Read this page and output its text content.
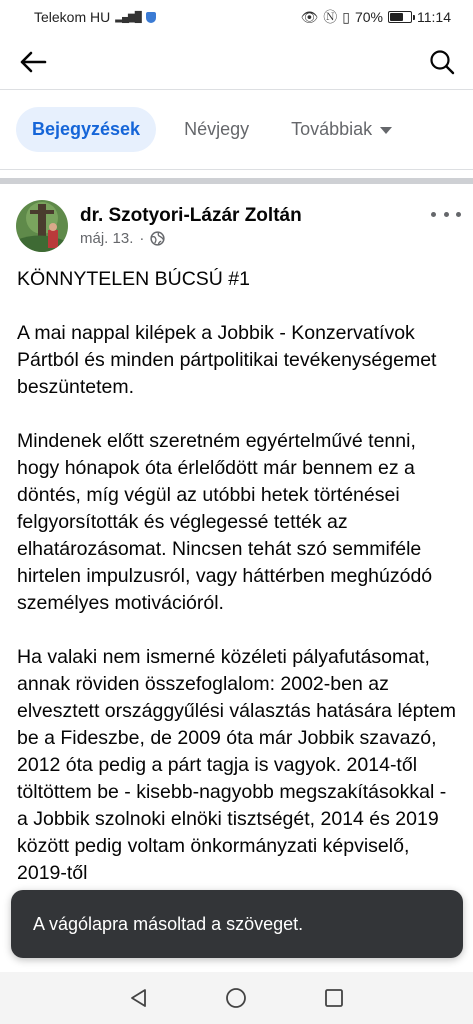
Telekom HU ▂▄▆█	👁 Ⓝ ▯ 70% 11:14
Bejegyzések Névjegy Továbbiak
dr. Szotyori-Lázár Zoltán
máj. 13. ·

KÖNNYTELEN BÚCSÚ #1

A mai nappal kilépek a Jobbik - Konzervatívok Pártból és minden pártpolitikai tevékenységemet beszüntetem.

Mindenek előtt szeretném egyértelművé tenni, hogy hónapok óta érlelődött már bennem ez a döntés, míg végül az utóbbi hetek történései felgyorsították és véglegessé tették az elhatározásomat. Nincsen tehát szó semmiféle hirtelen impulzusról, vagy háttérben meghúzódó személyes motivációról.

Ha valaki nem ismerné közéleti pályafutásomat, annak röviden összefoglalom: 2002-ben az elvesztett országgyűlési választás hatására léptem be a Fideszbe, de 2009 óta már Jobbik szavazó, 2012 óta pedig a párt tagja is vagyok. 2014-től töltöttem be - kisebb-nagyobb megszakításokkal - a Jobbik szolnoki elnöki tisztségét, 2014 és 2019 között pedig voltam önkormányzati képviselő, 2019-től

A vágólapra másoltad a szöveget.
